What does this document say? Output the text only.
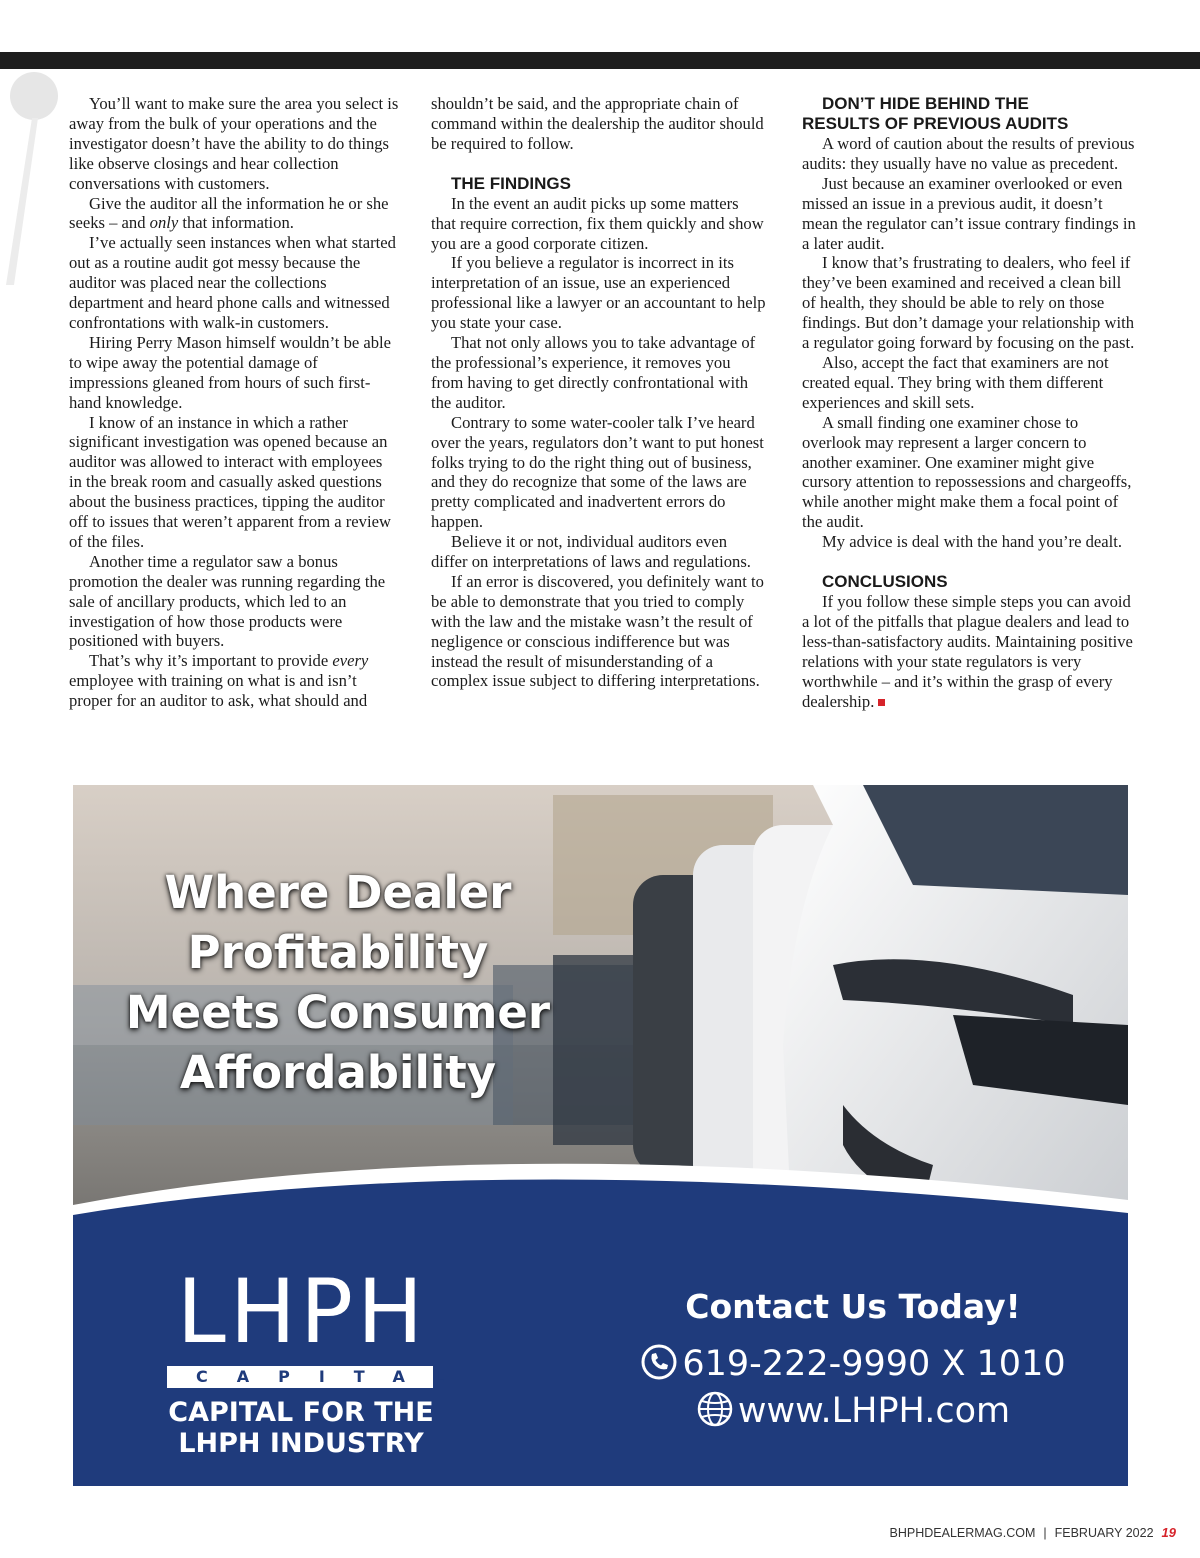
You’ll want to make sure the area you select is away from the bulk of your operations and the investigator doesn’t have the ability to do things like observe closings and hear collection conversations with customers.

Give the auditor all the information he or she seeks – and only that information.

I’ve actually seen instances when what started out as a routine audit got messy because the auditor was placed near the collections department and heard phone calls and witnessed confrontations with walk-in customers.

Hiring Perry Mason himself wouldn’t be able to wipe away the potential damage of impressions gleaned from hours of such first-hand knowledge.

I know of an instance in which a rather significant investigation was opened because an auditor was allowed to interact with employees in the break room and casually asked questions about the business practices, tipping the auditor off to issues that weren’t apparent from a review of the files.

Another time a regulator saw a bonus promotion the dealer was running regarding the sale of ancillary products, which led to an investigation of how those products were positioned with buyers.

That’s why it’s important to provide every employee with training on what is and isn’t proper for an auditor to ask, what should and

shouldn’t be said, and the appropriate chain of command within the dealership the auditor should be required to follow.

THE FINDINGS

In the event an audit picks up some matters that require correction, fix them quickly and show you are a good corporate citizen.

If you believe a regulator is incorrect in its interpretation of an issue, use an experienced professional like a lawyer or an accountant to help you state your case.

That not only allows you to take advantage of the professional’s experience, it removes you from having to get directly confrontational with the auditor.

Contrary to some water-cooler talk I’ve heard over the years, regulators don’t want to put honest folks trying to do the right thing out of business, and they do recognize that some of the laws are pretty complicated and inadvertent errors do happen.

Believe it or not, individual auditors even differ on interpretations of laws and regulations.

If an error is discovered, you definitely want to be able to demonstrate that you tried to comply with the law and the mistake wasn’t the result of negligence or conscious indifference but was instead the result of misunderstanding of a complex issue subject to differing interpretations.

DON’T HIDE BEHIND THE
RESULTS OF PREVIOUS AUDITS

A word of caution about the results of previous audits: they usually have no value as precedent.

Just because an examiner overlooked or even missed an issue in a previous audit, it doesn’t mean the regulator can’t issue contrary findings in a later audit.

I know that’s frustrating to dealers, who feel if they’ve been examined and received a clean bill of health, they should be able to rely on those findings. But don’t damage your relationship with a regulator going forward by focusing on the past.

Also, accept the fact that examiners are not created equal. They bring with them different experiences and skill sets.

A small finding one examiner chose to overlook may represent a larger concern to another examiner. One examiner might give cursory attention to repossessions and chargeoffs, while another might make them a focal point of the audit.

My advice is deal with the hand you’re dealt.

CONCLUSIONS

If you follow these simple steps you can avoid a lot of the pitfalls that plague dealers and lead to less-than-satisfactory audits. Maintaining positive relations with your state regulators is very worthwhile – and it’s within the grasp of every dealership.

Where Dealer
Profitability
Meets Consumer
Affordability
LHPH
CAPITAL
CAPITAL FOR THE
LHPH INDUSTRY
Contact Us Today!
619-222-9990 X 1010
www.LHPH.com
BHPHDEALERMAG.COM | FEBRUARY 2022 19
